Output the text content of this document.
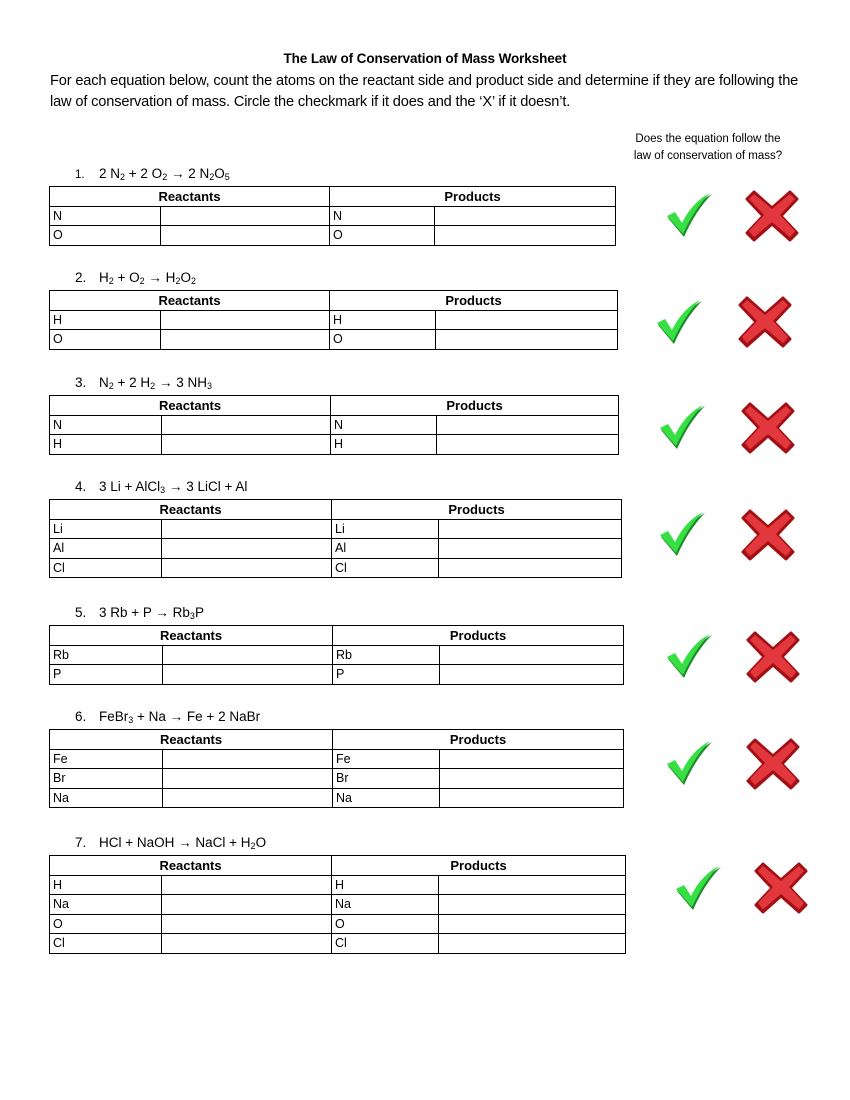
The Law of Conservation of Mass Worksheet
For each equation below, count the atoms on the reactant side and product side and determine if they are following the law of conservation of mass. Circle the checkmark if it does and the ‘X’ if it doesn’t.
Does the equation follow the
law of conservation of mass?
1. 2 $N_2 + 2$ $O_2 \to 2$ $N_2O_5$
Reactants		Products	
N		N	
O		O	
2. $H_2 + O_2 \to H_2O_2$
Reactants		Products	
H		H	
O		O	
3. $N_2 + 2$ $H_2 \to 3$ $NH_3$
Reactants		Products	
N		N	
H		H	
4. 3 Li + AlCl$_3$ → 3 LiCl + Al
Reactants		Products	
Li		Li	
Al		Al	
Cl		Cl	
5. 3 $Rb + P \to Rb_3P$
Reactants		Products	
Rb		Rb	
P		P	
6. FeBr$_3$ + Na → Fe + 2 NaBr
Reactants		Products	
Fe		Fe	
Br		Br	
Na		Na	
7. HCl + NaOH → NaCl + $H_2O$
Reactants		Products	
H		H	
Na		Na	
O		O	
Cl		Cl	
